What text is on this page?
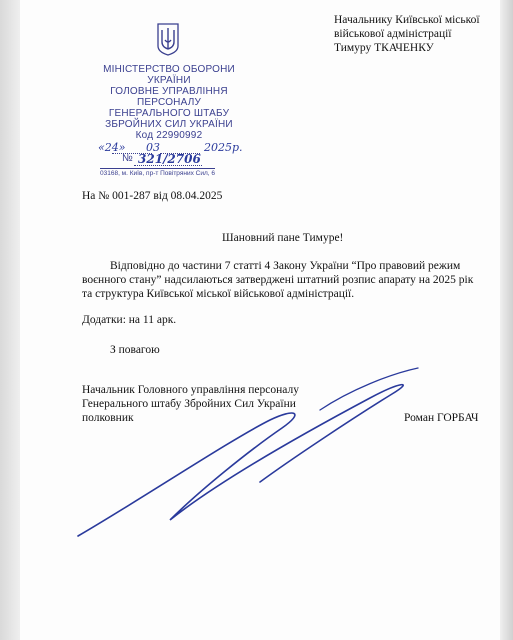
МІНІСТЕРСТВО ОБОРОНИ
УКРАЇНИ
ГОЛОВНЕ УПРАВЛІННЯ
ПЕРСОНАЛУ
ГЕНЕРАЛЬНОГО ШТАБУ
ЗБРОЙНИХ СИЛ УКРАЇНИ
Код 22990992
«24» 03	2025р.
№ 321/2706
03168, м. Київ, пр-т Повітряних Сил, 6
Начальнику Київської міської
військової адміністрації
Тимуру ТКАЧЕНКУ
На № 001-287 від 08.04.2025
Шановний пане Тимуре!
Відповідно до частини 7 статті 4 Закону України “Про правовий режим
воєнного стану” надсилаються затверджені штатний розпис апарату на 2025 рік
та структура Київської міської військової адміністрації.
Додатки: на 11 арк.
З повагою
Начальник Головного управління персоналу
Генерального штабу Збройних Сил України
полковник	Роман ГОРБАЧ
